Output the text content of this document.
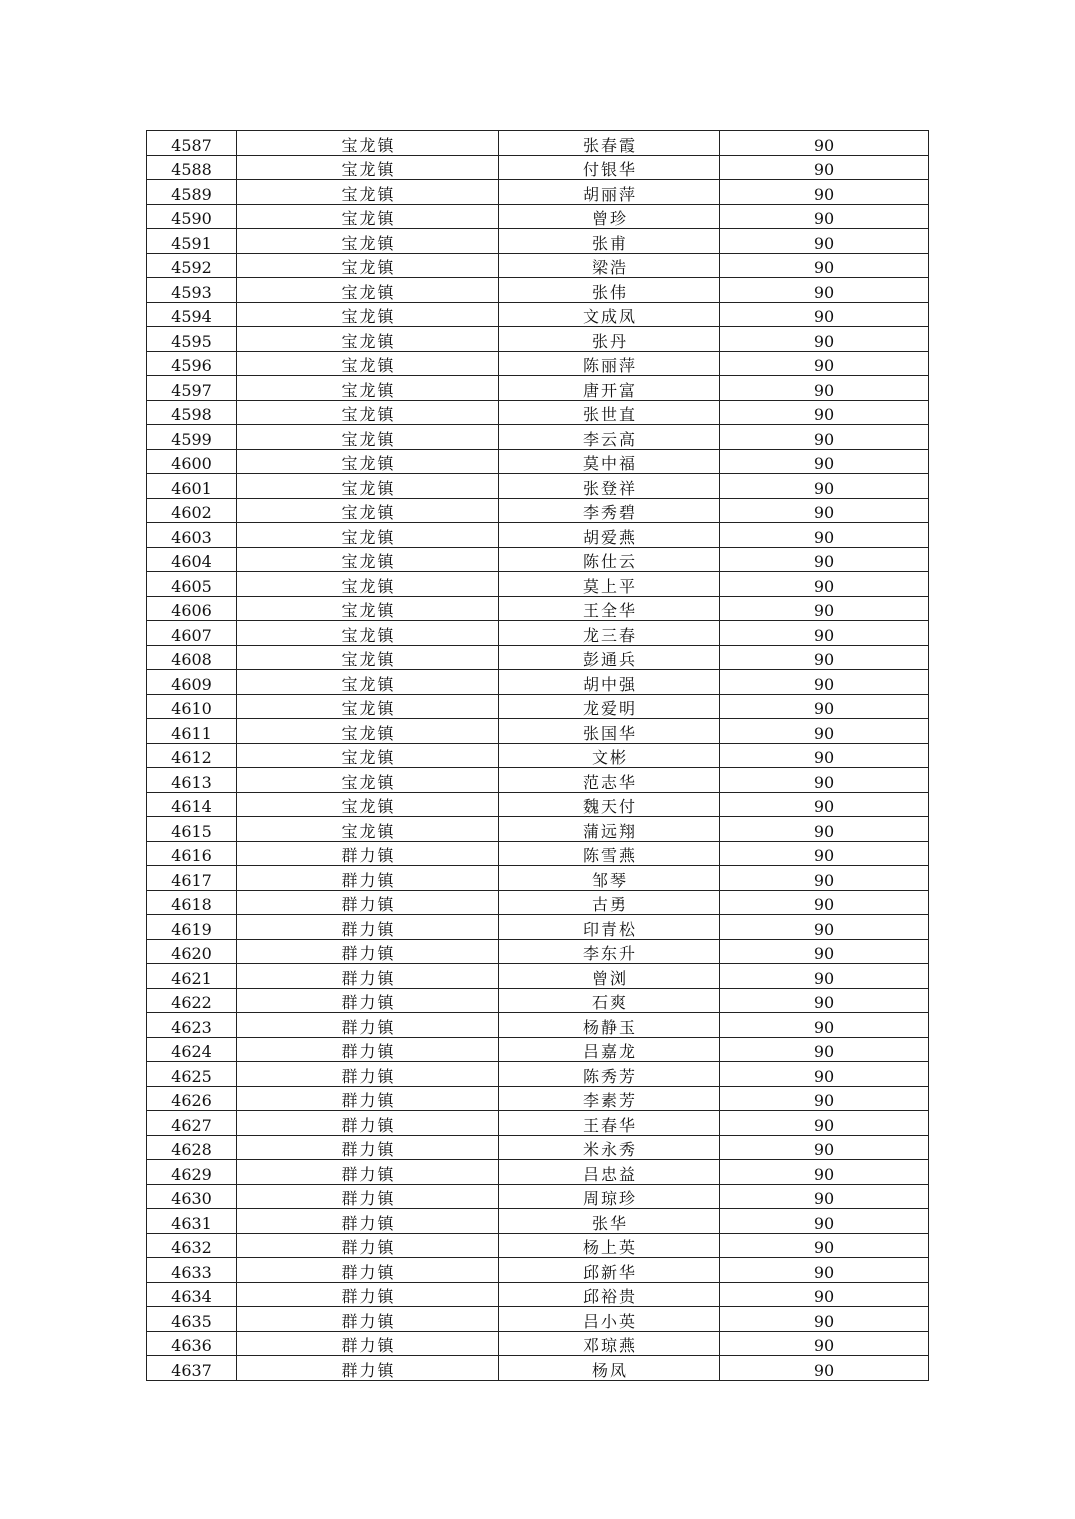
4587	宝龙镇	张春霞	90
4588	宝龙镇	付银华	90
4589	宝龙镇	胡丽萍	90
4590	宝龙镇	曾珍	90
4591	宝龙镇	张甫	90
4592	宝龙镇	梁浩	90
4593	宝龙镇	张伟	90
4594	宝龙镇	文成凤	90
4595	宝龙镇	张丹	90
4596	宝龙镇	陈丽萍	90
4597	宝龙镇	唐开富	90
4598	宝龙镇	张世直	90
4599	宝龙镇	李云高	90
4600	宝龙镇	莫中福	90
4601	宝龙镇	张登祥	90
4602	宝龙镇	李秀碧	90
4603	宝龙镇	胡爱燕	90
4604	宝龙镇	陈仕云	90
4605	宝龙镇	莫上平	90
4606	宝龙镇	王全华	90
4607	宝龙镇	龙三春	90
4608	宝龙镇	彭通兵	90
4609	宝龙镇	胡中强	90
4610	宝龙镇	龙爱明	90
4611	宝龙镇	张国华	90
4612	宝龙镇	文彬	90
4613	宝龙镇	范志华	90
4614	宝龙镇	魏天付	90
4615	宝龙镇	蒲远翔	90
4616	群力镇	陈雪燕	90
4617	群力镇	邹琴	90
4618	群力镇	古勇	90
4619	群力镇	印青松	90
4620	群力镇	李东升	90
4621	群力镇	曾浏	90
4622	群力镇	石爽	90
4623	群力镇	杨静玉	90
4624	群力镇	吕嘉龙	90
4625	群力镇	陈秀芳	90
4626	群力镇	李素芳	90
4627	群力镇	王春华	90
4628	群力镇	米永秀	90
4629	群力镇	吕忠益	90
4630	群力镇	周琼珍	90
4631	群力镇	张华	90
4632	群力镇	杨上英	90
4633	群力镇	邱新华	90
4634	群力镇	邱裕贵	90
4635	群力镇	吕小英	90
4636	群力镇	邓琼燕	90
4637	群力镇	杨凤	90
